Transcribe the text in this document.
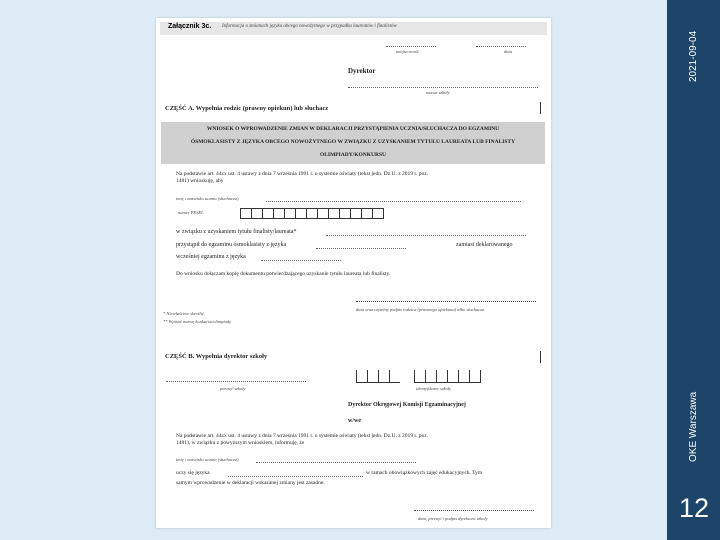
Załącznik 3c. Informacja o zmianach języka obcego nowożytnego w przypadku laureatów i finalistów
miejscowość	data
Dyrektor
nazwa szkoły
CZĘŚĆ A. Wypełnia rodzic (prawny opiekun) lub słuchacz
WNIOSEK O WPROWADZENIE ZMIAN W DEKLARACJI PRZYSTĄPIENIA UCZNIA/SŁUCHACZA DO EGZAMINU
ÓSMOKLASISTY Z JĘZYKA OBCEGO NOWOŻYTNEGO W ZWIĄZKU Z UZYSKANIEM TYTUŁU LAUREATA LUB FINALISTY
OLIMPIADY/KONKURSU
Na podstawie art. 44zx ust. 4 ustawy z dnia 7 września 1991 r. o systemie oświaty (tekst jedn. Dz.U. z 2019 r. poz.
1481) wnioskuję, aby
imię i nazwisko ucznia (słuchacza)
numer PESEL
w związku z uzyskaniem tytułu finalisty/laureata*
przystąpił do egzaminu ósmoklasisty z języka	zamiast deklarowanego
wcześniej egzaminu z języka
Do wniosku dołączam kopię dokumentu potwierdzającego uzyskanie tytułu laureata lub finalisty.
data oraz czytelny podpis rodzica (prawnego opiekuna) albo słuchacza
* Niewłaściwe skreślić.
** Wpisać nazwę konkursu/olimpiady
CZĘŚĆ B. Wypełnia dyrektor szkoły
pieczęć szkoły	identyfikator szkoły
Dyrektor Okręgowej Komisji Egzaminacyjnej
w/we
Na podstawie art. 44zx ust. 4 ustawy z dnia 7 września 1991 r. o systemie oświaty (tekst jedn. Dz.U. z 2019 r. poz.
1481), w związku z powyższym wnioskiem, informuję, że
imię i nazwisko ucznia (słuchacza)
uczy się języka	w ramach obowiązkowych zajęć edukacyjnych. Tym
samym wprowadzenie w deklaracji wskazanej zmiany jest zasadne.
data, pieczęć i podpis dyrektora szkoły
2021-09-04
OKE Warszawa
12
